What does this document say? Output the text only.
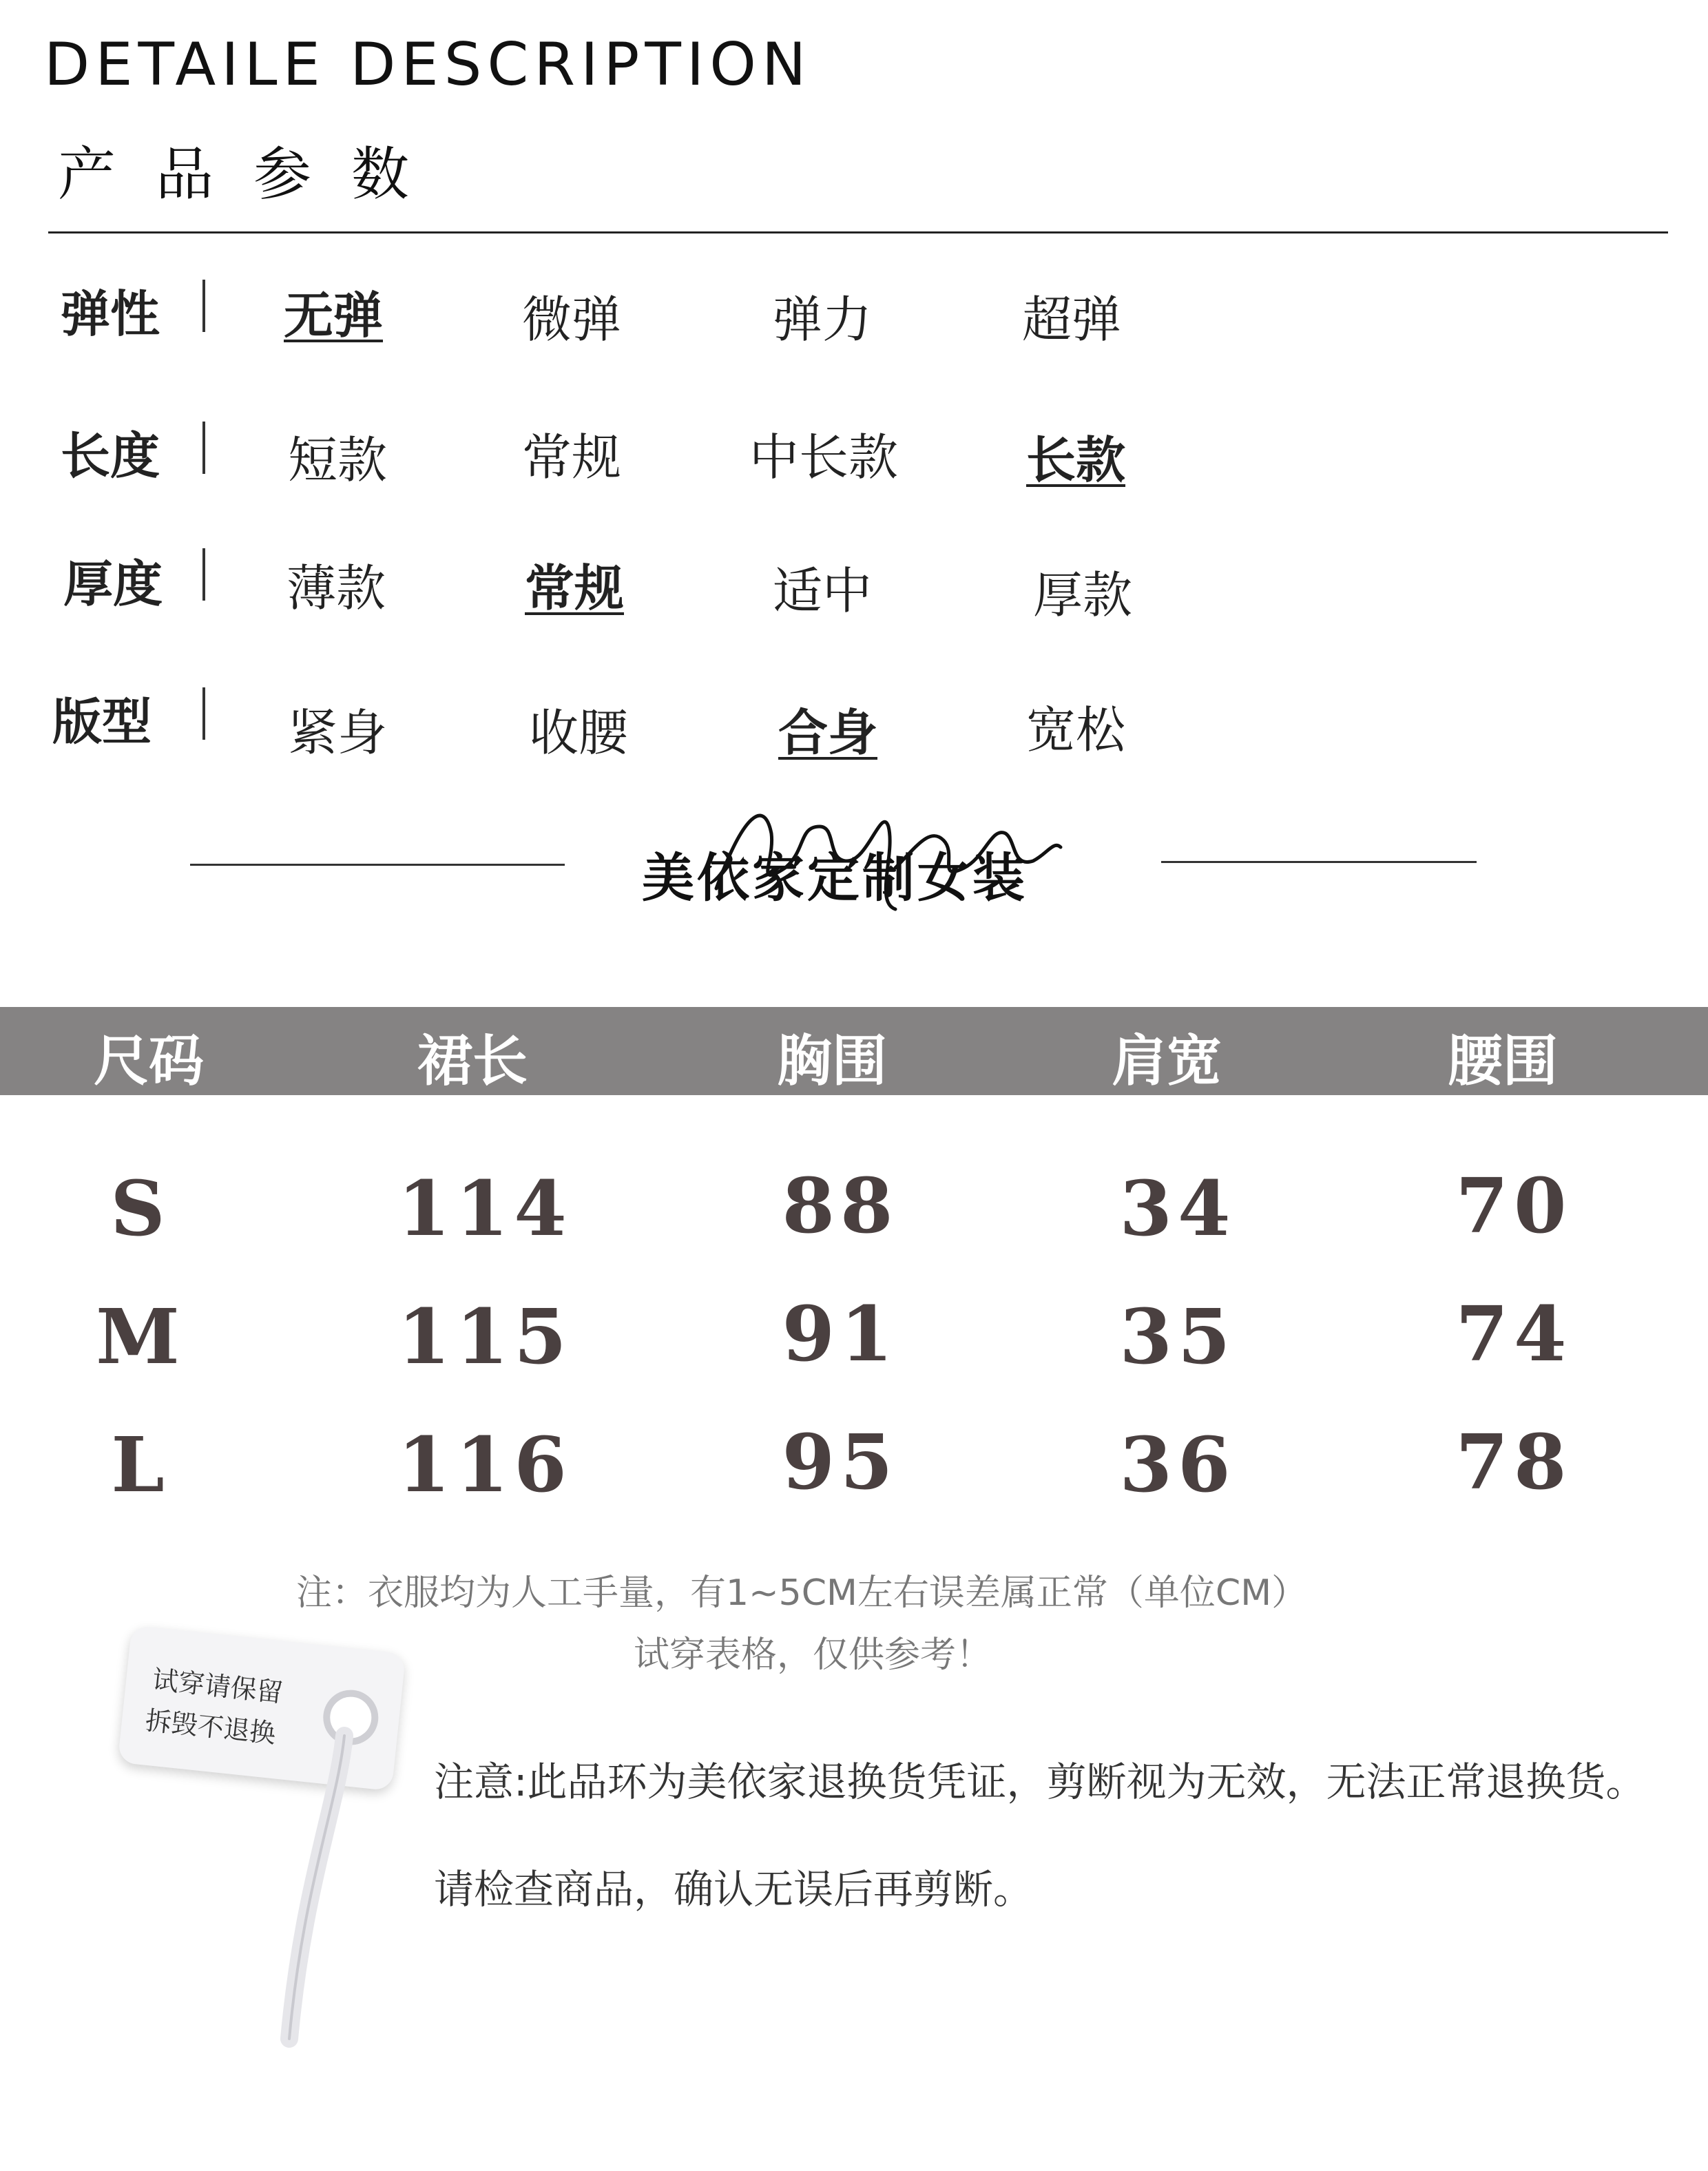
DETAILE DESCRIPTION
产品参数
弹性 无弹	微弹	弹力	超弹
长度	短款	常规	中长款	长款
厚度 薄款	常规	适中	厚款
版型	紧身	收腰	合身	宽松
美依家定制女装
尺码	裙长	胸围	肩宽	腰围
S	114	88	34	70
M	115	91	35	74
L	116	95	36	78
注：衣服均为人工手量，有1~5CM左右误差属正常（单位CM）
试穿表格，仅供参考！
试穿请保留
拆毁不退换
注意:此品环为美依家退换货凭证，剪断视为无效，无法正常退换货。
请检查商品，确认无误后再剪断。
